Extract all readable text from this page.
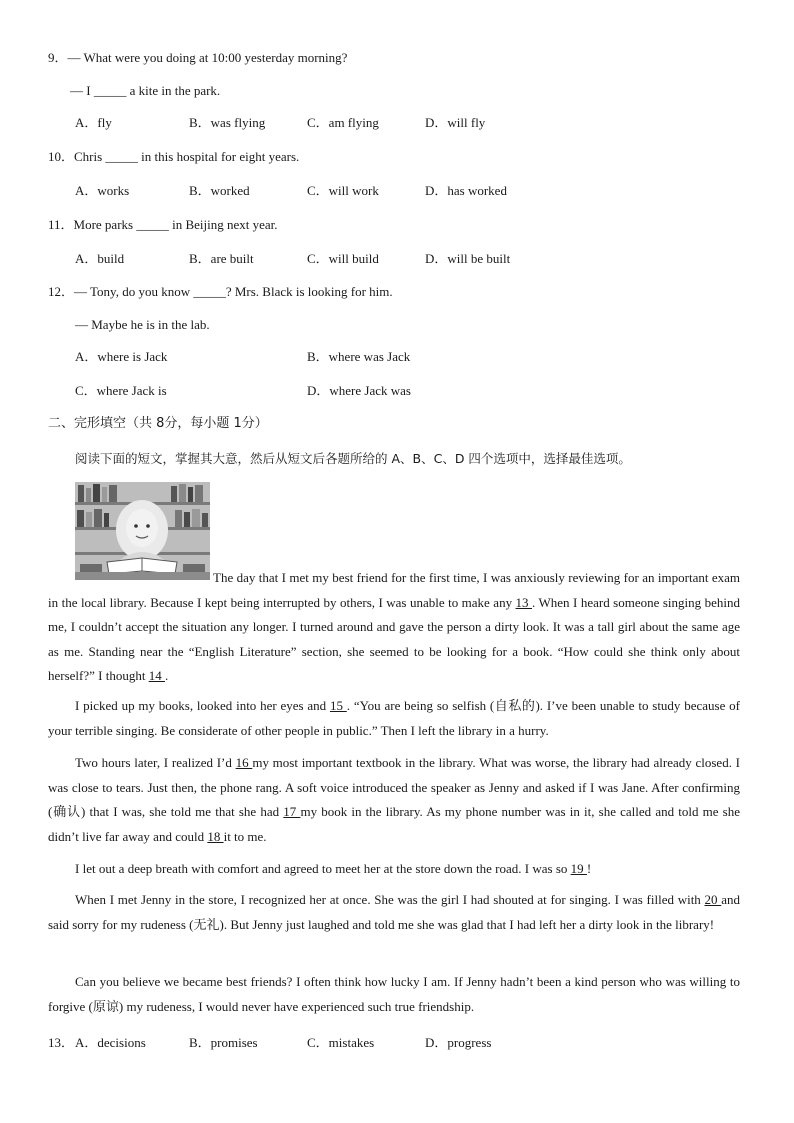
9．— What were you doing at 10:00 yesterday morning?
— I _____ a kite in the park.
A．fly	B．was flying	C．am flying	D．will fly
10．Chris _____ in this hospital for eight years.
A．works	B．worked	C．will work	D．has worked
11．More parks _____ in Beijing next year.
A．build	B．are built	C．will build	D．will be built
12．— Tony, do you know _____? Mrs. Black is looking for him.
— Maybe he is in the lab.
A．where is Jack	B．where was Jack
C．where Jack is	D．where Jack was
二、完形填空（共 8分，每小题 1分）
阅读下面的短文，掌握其大意，然后从短文后各题所给的 A、B、C、D 四个选项中，选择最佳选项。
The day that I met my best friend for the first time, I was anxiously reviewing for an important exam in the local library. Because I kept being interrupted by others, I was unable to make any 13 . When I heard someone singing behind me, I couldn’t accept the situation any longer. I turned around and gave the person a dirty look. It was a tall girl about the same age as me. Standing near the “English Literature” section, she seemed to be looking for a book. “How could she think only about herself?” I thought 14 .
I picked up my books, looked into her eyes and 15 . “You are being so selfish (自私的). I’ve been unable to study because of your terrible singing. Be considerate of other people in public.” Then I left the library in a hurry.
Two hours later, I realized I’d 16 my most important textbook in the library. What was worse, the library had already closed. I was close to tears. Just then, the phone rang. A soft voice introduced the speaker as Jenny and asked if I was Jane. After confirming (确认) that I was, she told me that she had 17 my book in the library. As my phone number was in it, she called and told me she didn’t live far away and could 18 it to me.
I let out a deep breath with comfort and agreed to meet her at the store down the road. I was so 19 !
When I met Jenny in the store, I recognized her at once. She was the girl I had shouted at for singing. I was filled with 20 and said sorry for my rudeness (无礼). But Jenny just laughed and told me she was glad that I had left her a dirty look in the library!
Can you believe we became best friends? I often think how lucky I am. If Jenny hadn’t been a kind person who was willing to forgive (原谅) my rudeness, I would never have experienced such true friendship.
13． A．decisions	B．promises	C．mistakes	D．progress
